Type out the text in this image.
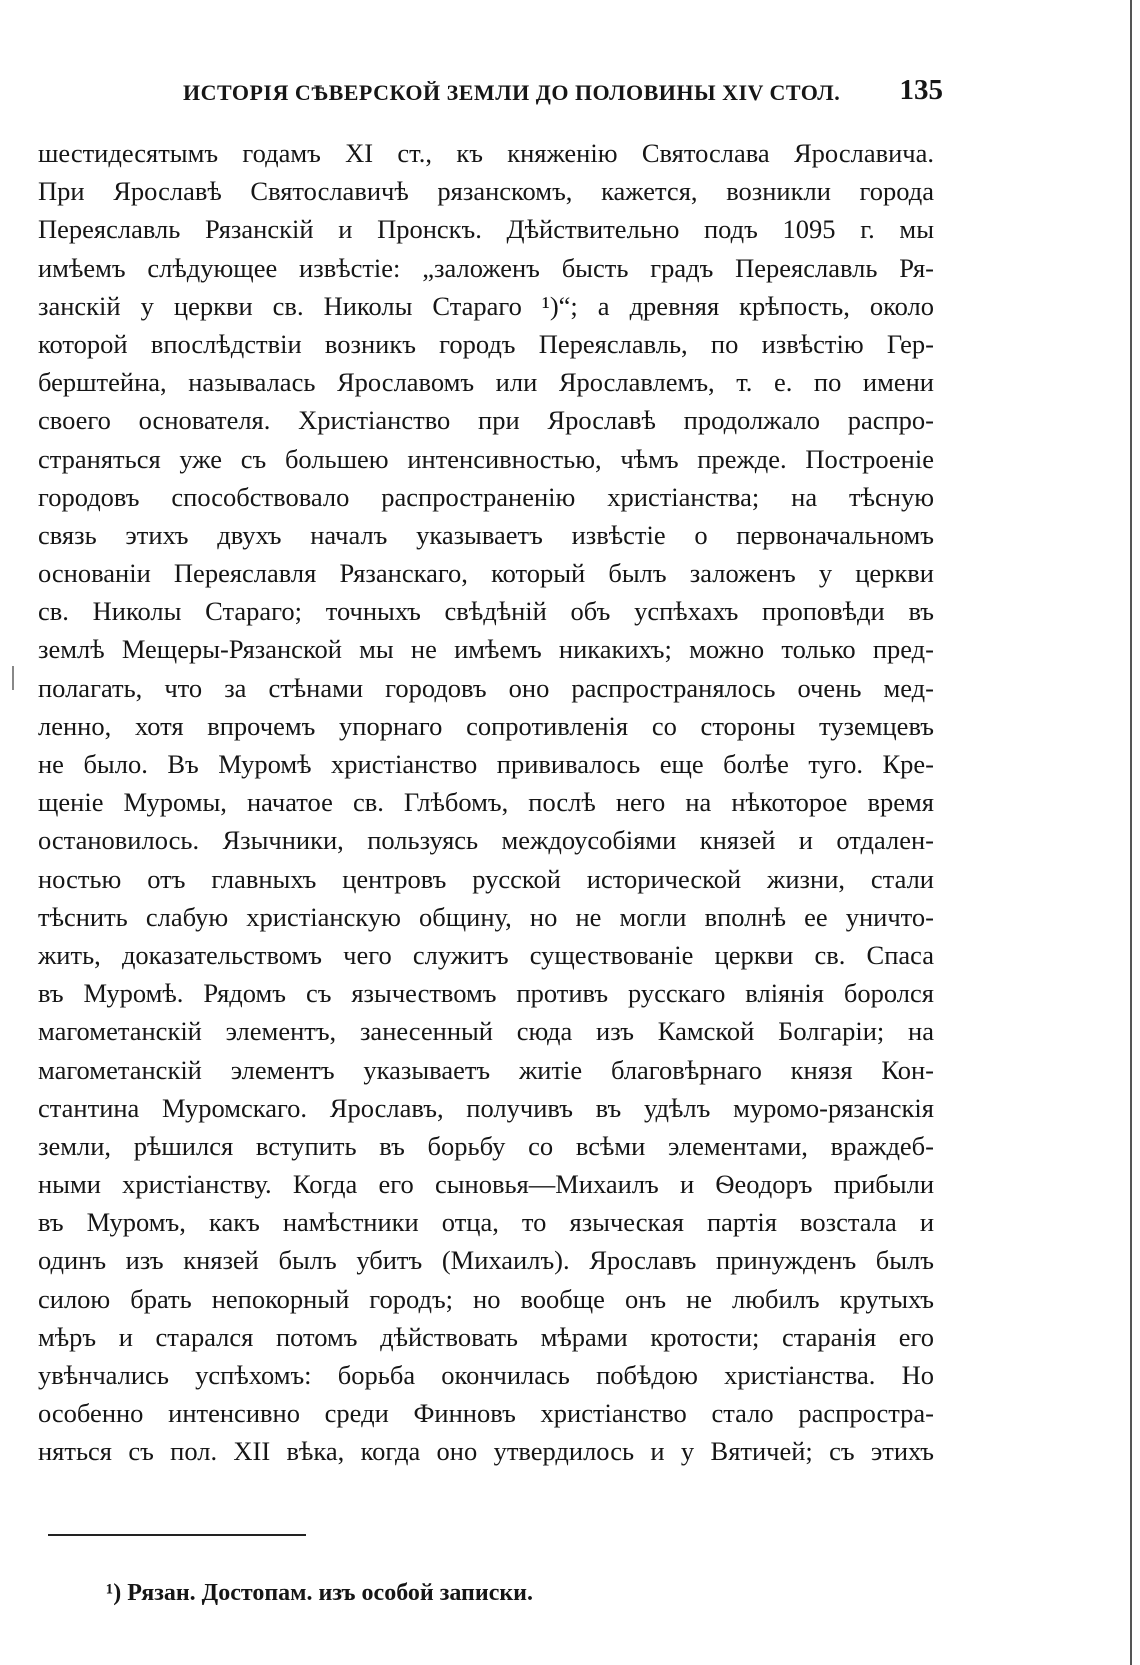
ИСТОРІЯ СѢВЕРСКОЙ ЗЕМЛИ ДО ПОЛОВИНЫ XIV СТОЛ. 135
шестидесятымъ годамъ XI ст., къ княженію Святослава Ярославича.
При Ярославѣ Святославичѣ рязанскомъ, кажется, возникли города
Переяславль Рязанскій и Пронскъ. Дѣйствительно подъ 1095 г. мы
имѣемъ слѣдующее извѣстіе: „заложенъ бысть градъ Переяславль Ря-
занскій у церкви св. Николы Стараго ¹)“; а древняя крѣпость, около
которой впослѣдствіи возникъ городъ Переяславль, по извѣстію Гер-
берштейна, называлась Ярославомъ или Ярославлемъ, т. е. по имени
своего основателя. Христіанство при Ярославѣ продолжало распро-
страняться уже съ большею интенсивностью, чѣмъ прежде. Построеніе
городовъ способствовало распространенію христіанства; на тѣсную
связь этихъ двухъ началъ указываетъ извѣстіе о первоначальномъ
основаніи Переяславля Рязанскаго, который былъ заложенъ у церкви
св. Николы Стараго; точныхъ свѣдѣній объ успѣхахъ проповѣди въ
землѣ Мещеры-Рязанской мы не имѣемъ никакихъ; можно только пред-
полагать, что за стѣнами городовъ оно распространялось очень мед-
ленно, хотя впрочемъ упорнаго сопротивленія со стороны туземцевъ
не было. Въ Муромѣ христіанство прививалось еще болѣе туго. Кре-
щеніе Муромы, начатое св. Глѣбомъ, послѣ него на нѣкоторое время
остановилось. Язычники, пользуясь междоусобіями князей и отдален-
ностью отъ главныхъ центровъ русской исторической жизни, стали
тѣснить слабую христіанскую общину, но не могли вполнѣ ее уничто-
жить, доказательствомъ чего служитъ существованіе церкви св. Спаса
въ Муромѣ. Рядомъ съ язычествомъ противъ русскаго вліянія боролся
магометанскій элементъ, занесенный сюда изъ Камской Болгаріи; на
магометанскій элементъ указываетъ житіе благовѣрнаго князя Кон-
стантина Муромскаго. Ярославъ, получивъ въ удѣлъ муромо-рязанскія
земли, рѣшился вступить въ борьбу со всѣми элементами, враждеб-
ными христіанству. Когда его сыновья—Михаилъ и Ѳеодоръ прибыли
въ Муромъ, какъ намѣстники отца, то языческая партія возстала и
одинъ изъ князей былъ убитъ (Михаилъ). Ярославъ принужденъ былъ
силою брать непокорный городъ; но вообще онъ не любилъ крутыхъ
мѣръ и старался потомъ дѣйствовать мѣрами кротости; старанія его
увѣнчались успѣхомъ: борьба окончилась побѣдою христіанства. Но
особенно интенсивно среди Финновъ христіанство стало распростра-
няться съ пол. XII вѣка, когда оно утвердилось и у Вятичей; съ этихъ
¹) Рязан. Достопам. изъ особой записки.
